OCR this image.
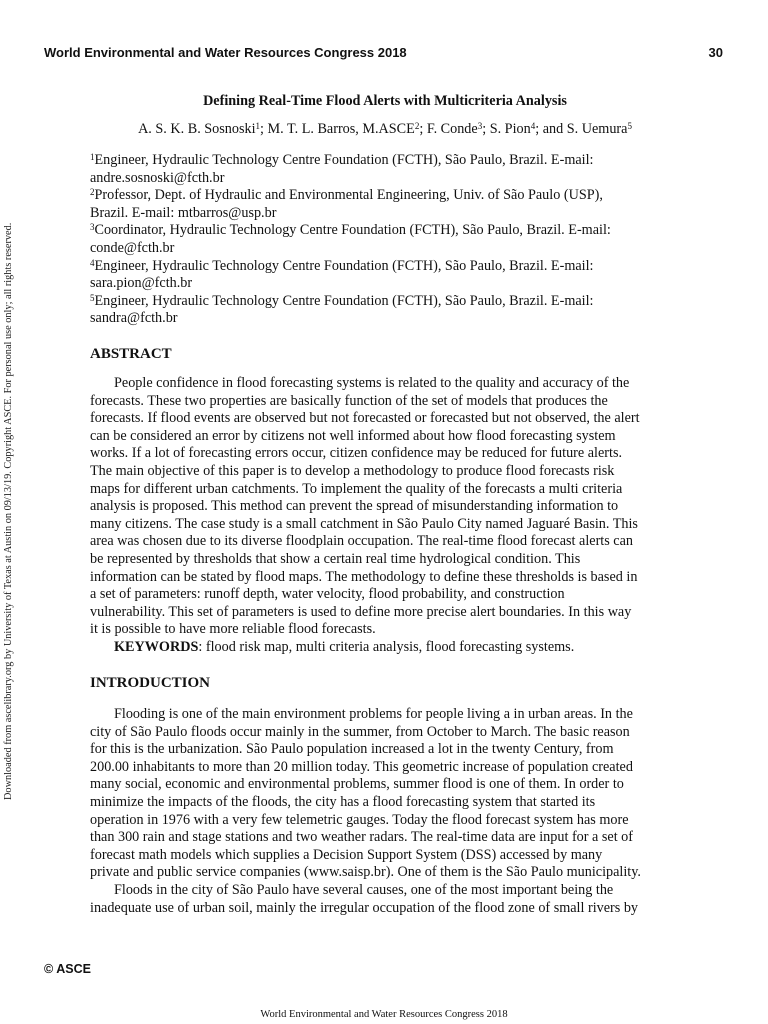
World Environmental and Water Resources Congress 2018	30
Downloaded from ascelibrary.org by University of Texas at Austin on 09/13/19. Copyright ASCE. For personal use only; all rights reserved.
Defining Real-Time Flood Alerts with Multicriteria Analysis
A. S. K. B. Sosnoski$^1$; M. T. L. Barros, M.ASCE$^2$; F. Conde$^3$; S. Pion$^4$; and S. Uemura$^5$

$^1$Engineer, Hydraulic Technology Centre Foundation (FCTH), São Paulo, Brazil. E-mail:
andre.sosnoski@fcth.br

$^2$Professor, Dept. of Hydraulic and Environmental Engineering, Univ. of São Paulo (USP),
Brazil. E-mail: mtbarros@usp.br

$^3$Coordinator, Hydraulic Technology Centre Foundation (FCTH), São Paulo, Brazil. E-mail:
conde@fcth.br

$^4$Engineer, Hydraulic Technology Centre Foundation (FCTH), São Paulo, Brazil. E-mail:
sara.pion@fcth.br

$^5$Engineer, Hydraulic Technology Centre Foundation (FCTH), São Paulo, Brazil. E-mail:
sandra@fcth.br

ABSTRACT

People confidence in flood forecasting systems is related to the quality and accuracy of the
forecasts. These two properties are basically function of the set of models that produces the
forecasts. If flood events are observed but not forecasted or forecasted but not observed, the alert
can be considered an error by citizens not well informed about how flood forecasting system
works. If a lot of forecasting errors occur, citizen confidence may be reduced for future alerts.
The main objective of this paper is to develop a methodology to produce flood forecasts risk
maps for different urban catchments. To implement the quality of the forecasts a multi criteria
analysis is proposed. This method can prevent the spread of misunderstanding information to
many citizens. The case study is a small catchment in São Paulo City named Jaguaré Basin. This
area was chosen due to its diverse floodplain occupation. The real-time flood forecast alerts can
be represented by thresholds that show a certain real time hydrological condition. This
information can be stated by flood maps. The methodology to define these thresholds is based in
a set of parameters: runoff depth, water velocity, flood probability, and construction
vulnerability. This set of parameters is used to define more precise alert boundaries. In this way
it is possible to have more reliable flood forecasts.

KEYWORDS: flood risk map, multi criteria analysis, flood forecasting systems.

INTRODUCTION

Flooding is one of the main environment problems for people living a in urban areas. In the
city of São Paulo floods occur mainly in the summer, from October to March. The basic reason
for this is the urbanization. São Paulo population increased a lot in the twenty Century, from
200.00 inhabitants to more than 20 million today. This geometric increase of population created
many social, economic and environmental problems, summer flood is one of them. In order to
minimize the impacts of the floods, the city has a flood forecasting system that started its
operation in 1976 with a very few telemetric gauges. Today the flood forecast system has more
than 300 rain and stage stations and two weather radars. The real-time data are input for a set of
forecast math models which supplies a Decision Support System (DSS) accessed by many
private and public service companies (www.saisp.br). One of them is the São Paulo municipality.

Floods in the city of São Paulo have several causes, one of the most important being the
inadequate use of urban soil, mainly the irregular occupation of the flood zone of small rivers by

© ASCE
World Environmental and Water Resources Congress 2018
